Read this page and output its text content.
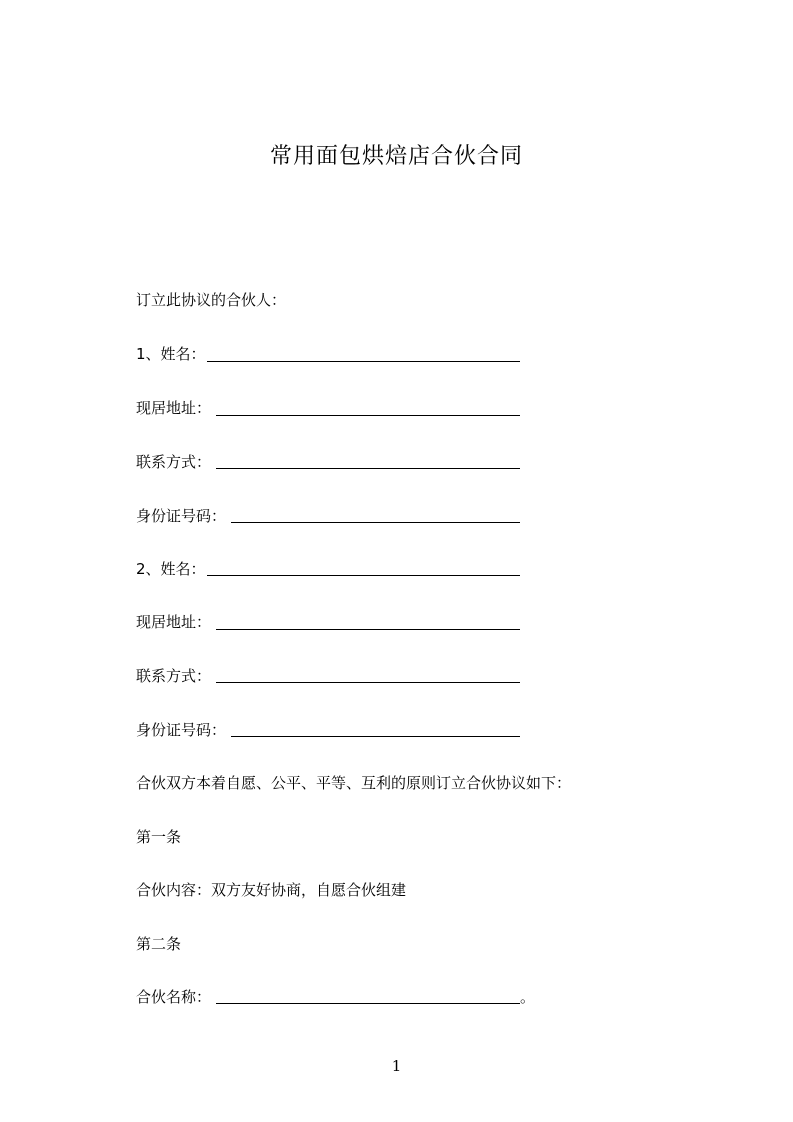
常用面包烘焙店合伙合同
订立此协议的合伙人：
1、姓名：
现居地址：
联系方式：
身份证号码：
2、姓名：
现居地址：
联系方式：
身份证号码：
合伙双方本着自愿、公平、平等、互利的原则订立合伙协议如下：
第一条
合伙内容：双方友好协商，自愿合伙组建
第二条
合伙名称：	。
1
